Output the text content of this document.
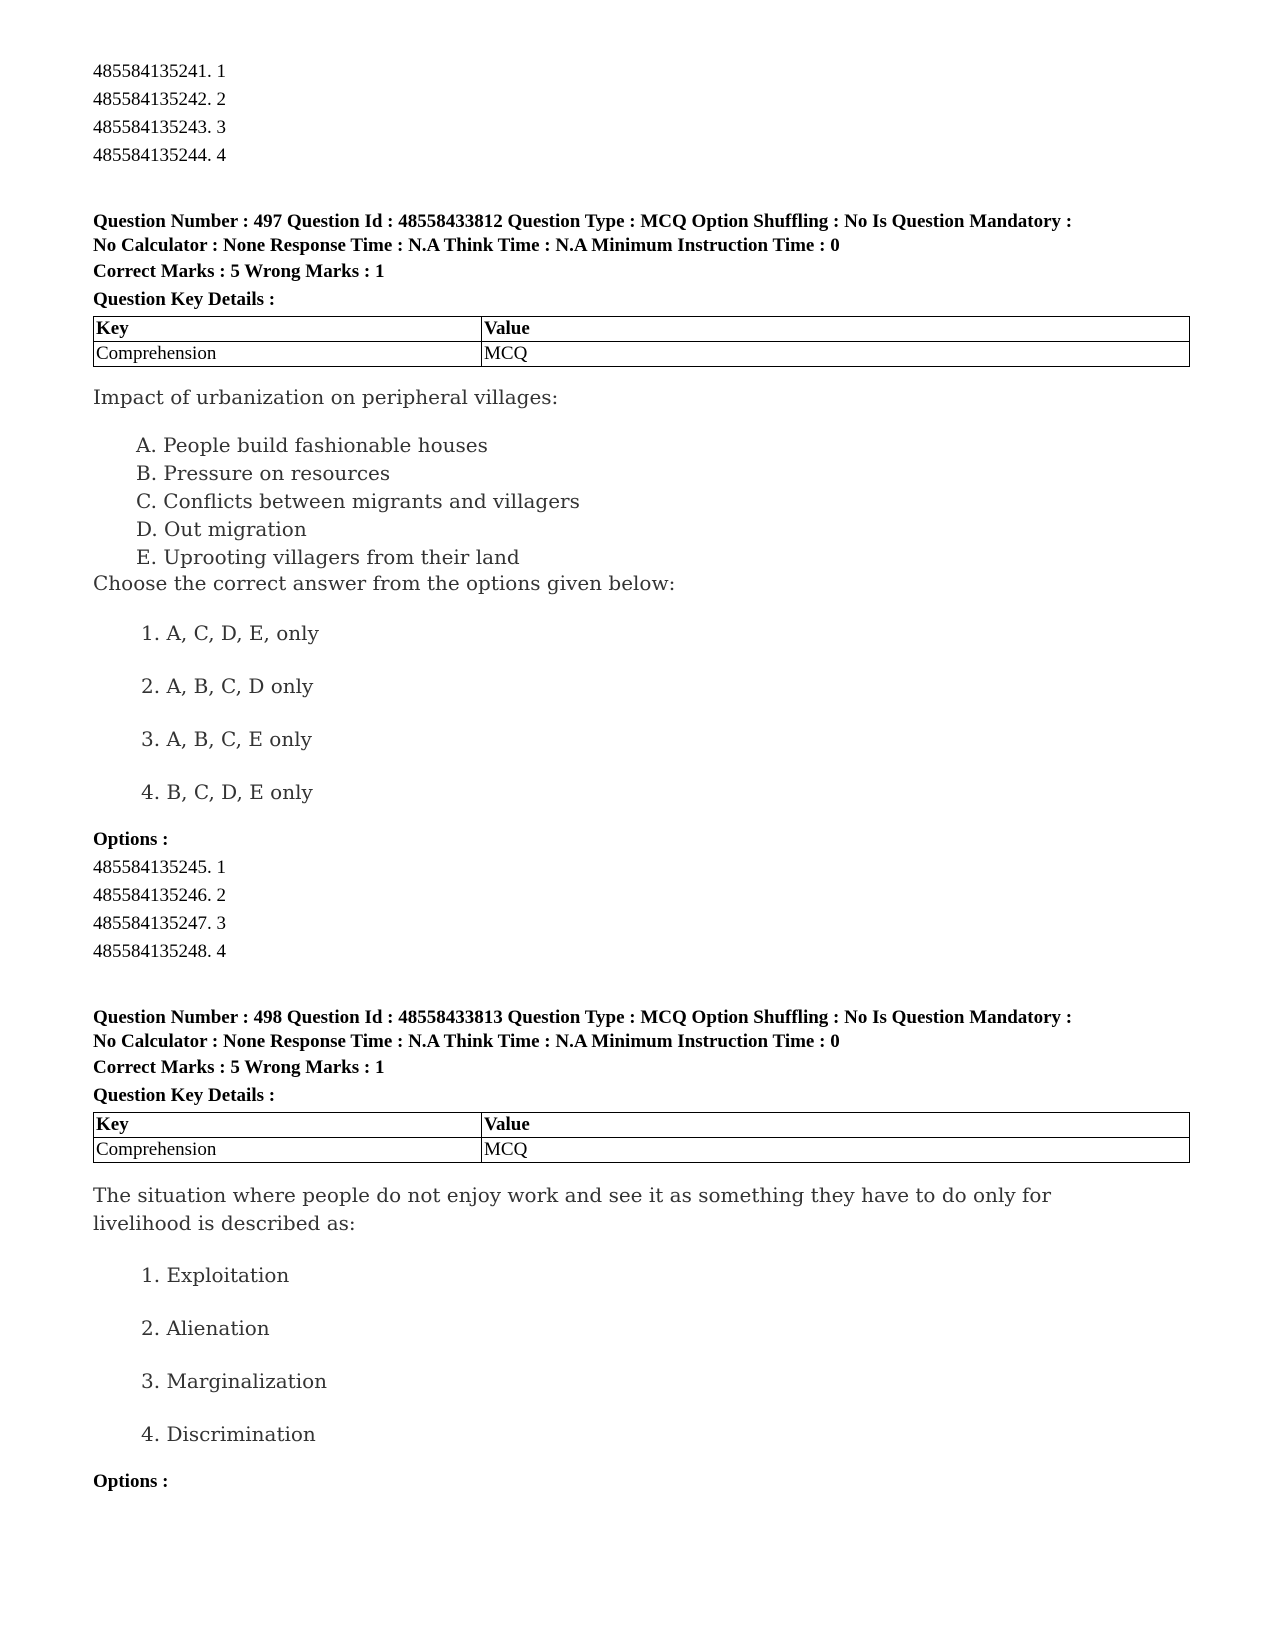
485584135241. 1

485584135242. 2

485584135243. 3

485584135244. 4

Question Number : 497 Question Id : 48558433812 Question Type : MCQ Option Shuffling : No Is Question Mandatory :

No Calculator : None Response Time : N.A Think Time : N.A Minimum Instruction Time : 0

Correct Marks : 5 Wrong Marks : 1

Question Key Details :

Key	Value
Comprehension	MCQ

Impact of urbanization on peripheral villages:

A. People build fashionable houses

B. Pressure on resources

C. Conflicts between migrants and villagers

D. Out migration

E. Uprooting villagers from their land

Choose the correct answer from the options given below:

1. A, C, D, E, only

2. A, B, C, D only

3. A, B, C, E only

4. B, C, D, E only

Options :

485584135245. 1

485584135246. 2

485584135247. 3

485584135248. 4

Question Number : 498 Question Id : 48558433813 Question Type : MCQ Option Shuffling : No Is Question Mandatory :

No Calculator : None Response Time : N.A Think Time : N.A Minimum Instruction Time : 0

Correct Marks : 5 Wrong Marks : 1

Question Key Details :

Key	Value
Comprehension	MCQ

The situation where people do not enjoy work and see it as something they have to do only for livelihood is described as:

1. Exploitation

2. Alienation

3. Marginalization

4. Discrimination

Options :
